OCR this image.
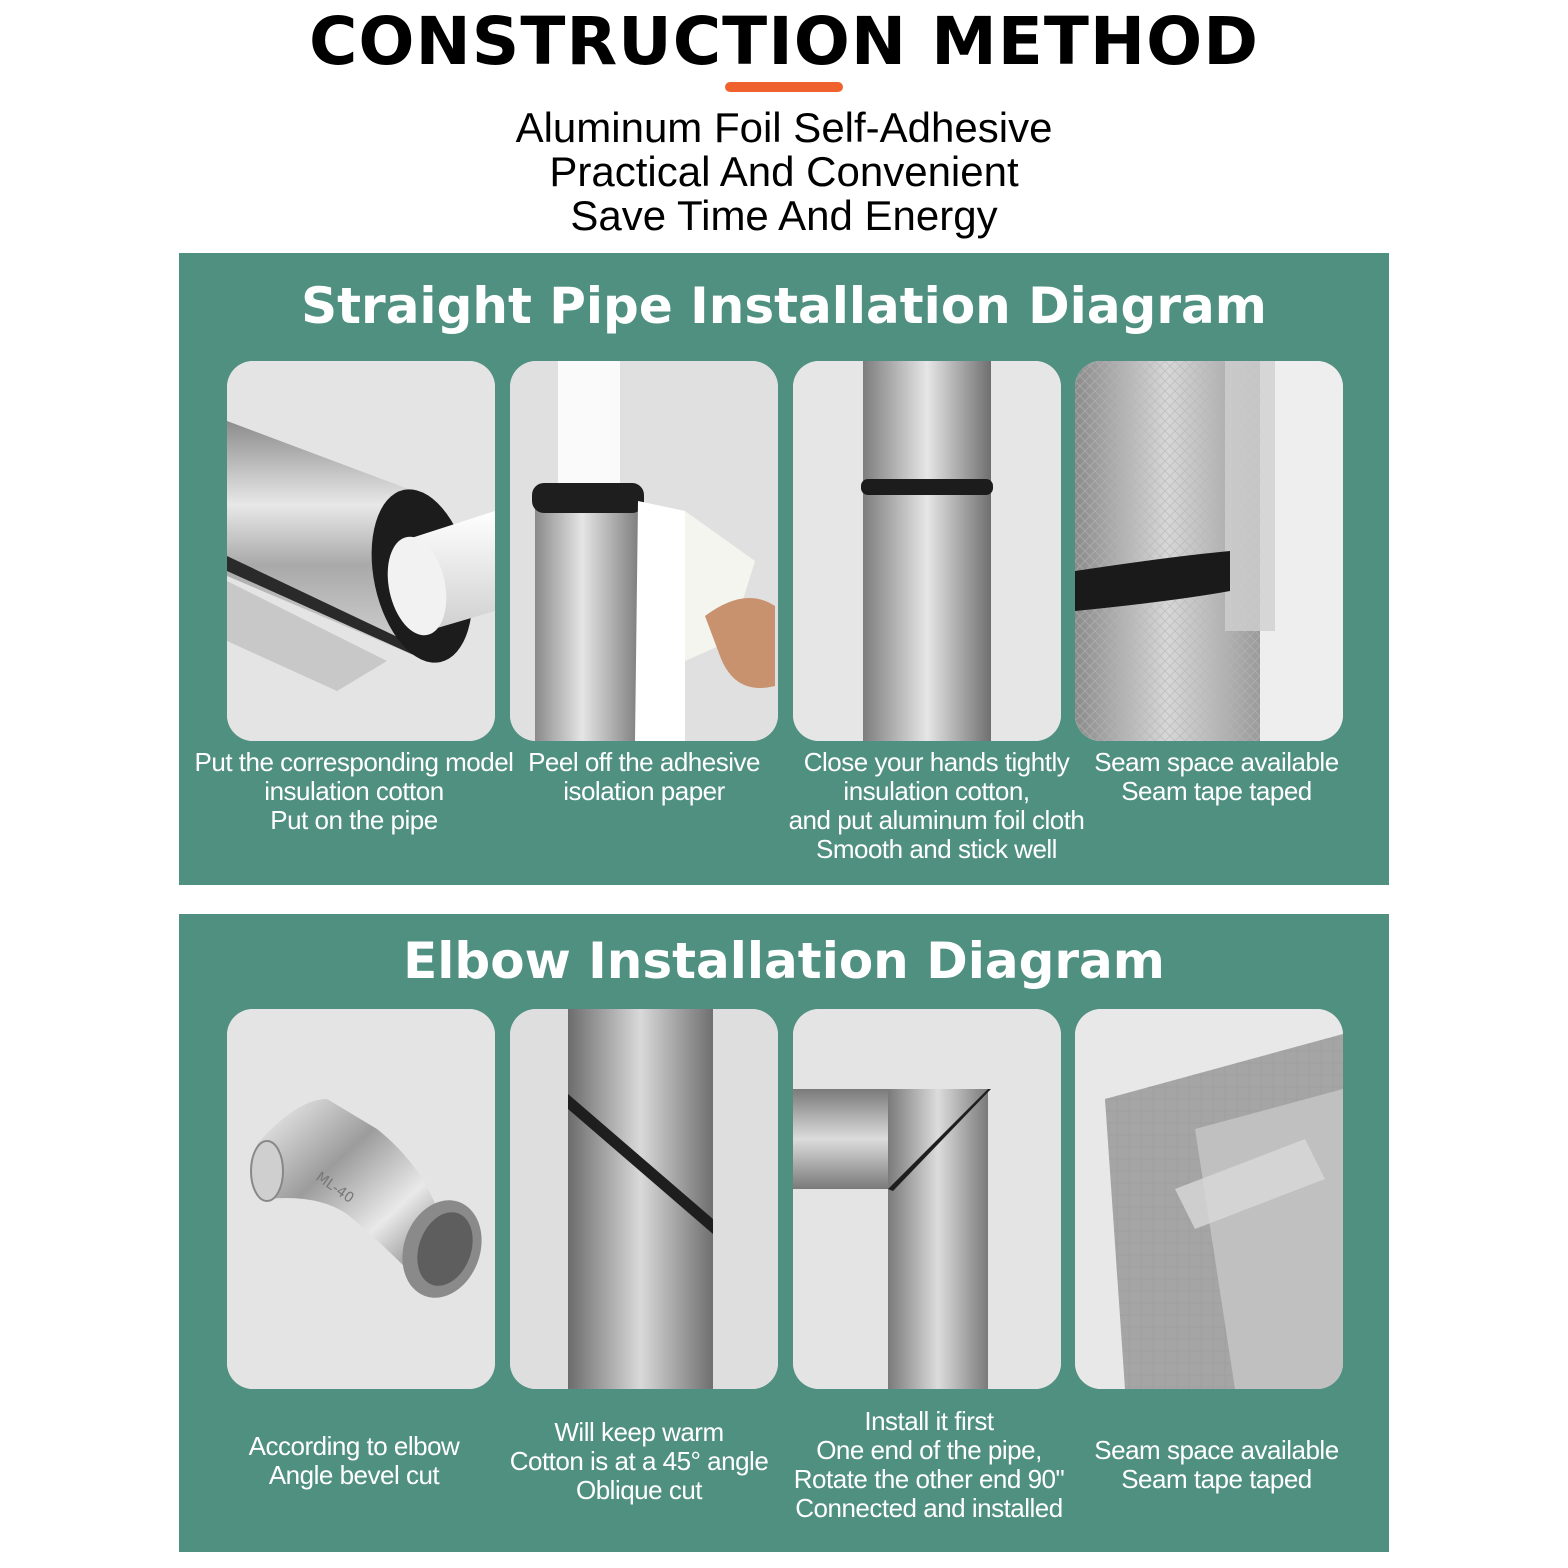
CONSTRUCTION METHOD
Aluminum Foil Self-Adhesive
Practical And Convenient
Save Time And Energy
Straight Pipe Installation Diagram
Put the corresponding model
insulation cotton
Put on the pipe
Peel off the adhesive
isolation paper
Close your hands tightly
insulation cotton,
and put aluminum foil cloth
Smooth and stick well
Seam space available
Seam tape taped
Elbow Installation Diagram
ML-40
According to elbow
Angle bevel cut
Will keep warm
Cotton is at a 45° angle
Oblique cut
Install it first
One end of the pipe,
Rotate the other end 90"
Connected and installed
Seam space available
Seam tape taped
